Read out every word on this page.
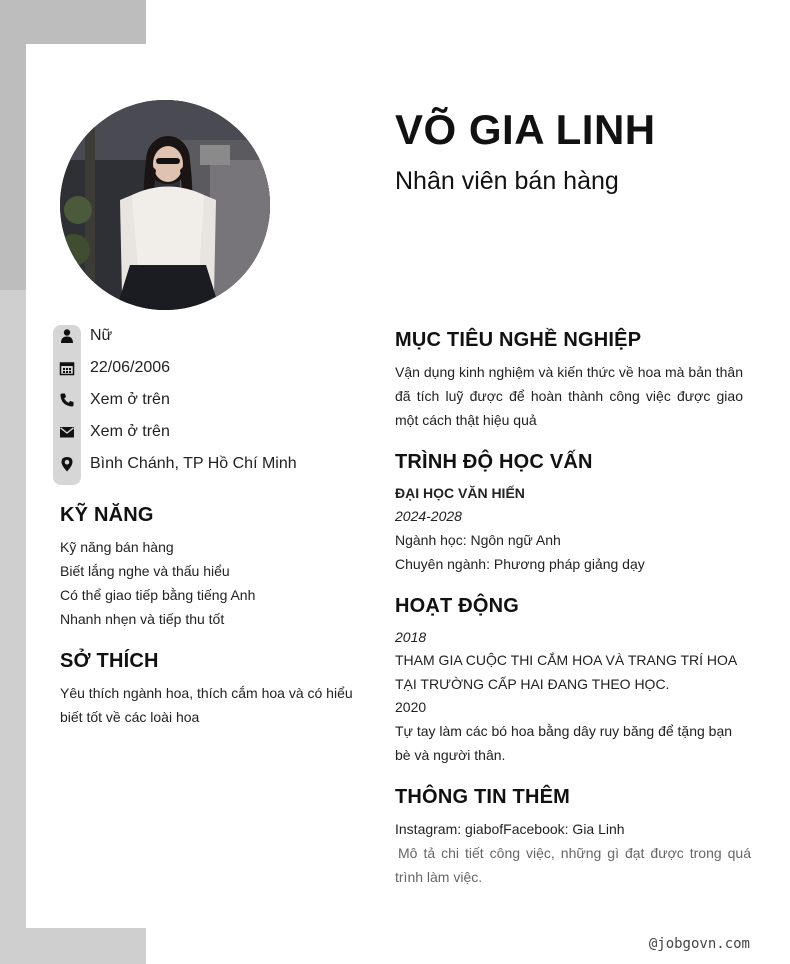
VÕ GIA LINH
Nhân viên bán hàng
Nữ
22/06/2006
Xem ở trên
Xem ở trên
Bình Chánh, TP Hồ Chí Minh
KỸ NĂNG
Kỹ năng bán hàng
Biết lắng nghe và thấu hiểu
Có thể giao tiếp bằng tiếng Anh
Nhanh nhẹn và tiếp thu tốt
SỞ THÍCH
Yêu thích ngành hoa, thích cắm hoa và có hiểu biết tốt về các loài hoa
MỤC TIÊU NGHỀ NGHIỆP
Vận dụng kinh nghiệm và kiến thức về hoa mà bản thân đã tích luỹ được để hoàn thành công việc được giao một cách thật hiệu quả
TRÌNH ĐỘ HỌC VẤN
ĐẠI HỌC VĂN HIẾN
2024-2028
Ngành học: Ngôn ngữ Anh
Chuyên ngành: Phương pháp giảng dạy
HOẠT ĐỘNG
2018
THAM GIA CUỘC THI CẮM HOA VÀ TRANG TRÍ HOA TẠI TRƯỜNG CẤP HAI ĐANG THEO HỌC.
2020
Tự tay làm các bó hoa bằng dây ruy băng để tặng bạn bè và người thân.
THÔNG TIN THÊM
Instagram: giabofFacebook: Gia Linh
Mô tả chi tiết công việc, những gì đạt được trong quá trình làm việc.
@jobgovn.com
